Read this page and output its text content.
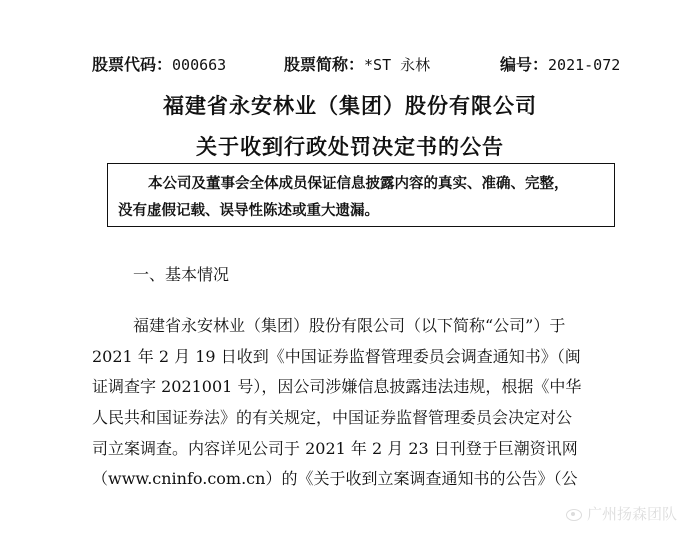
股票代码：000663	股票简称：*ST 永林	编号：2021-072
福建省永安林业（集团）股份有限公司
关于收到行政处罚决定书的公告
本公司及董事会全体成员保证信息披露内容的真实、准确、完整，
没有虚假记载、误导性陈述或重大遗漏。
一、基本情况
福建省永安林业（集团）股份有限公司（以下简称“公司”）于
2021 年 2 月 19 日收到《中国证券监督管理委员会调查通知书》（闽
证调查字 2021001 号），因公司涉嫌信息披露违法违规，根据《中华
人民共和国证券法》的有关规定，中国证券监督管理委员会决定对公
司立案调查。内容详见公司于 2021 年 2 月 23 日刊登于巨潮资讯网
（www.cninfo.com.cn）的《关于收到立案调查通知书的公告》（公
广州扬森团队
